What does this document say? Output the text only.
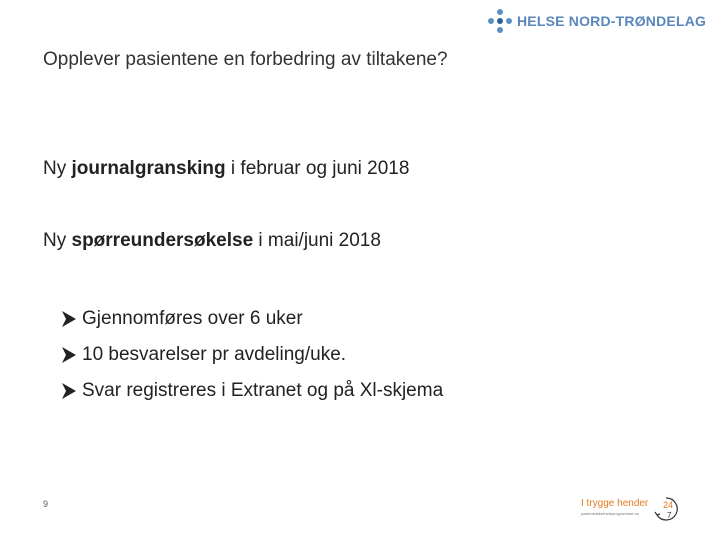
HELSE NORD-TRØNDELAG
Opplever pasientene en forbedring av tiltakene?
Ny journalgransking i februar og juni 2018
Ny spørreundersøkelse i mai/juni 2018
Gjennomføres over 6 uker
10 besvarelser pr avdeling/uke.
Svar registreres i Extranet og på Xl-skjema
9	I trygge hender
pasientsikkerhetsprogrammet.no
24
7
